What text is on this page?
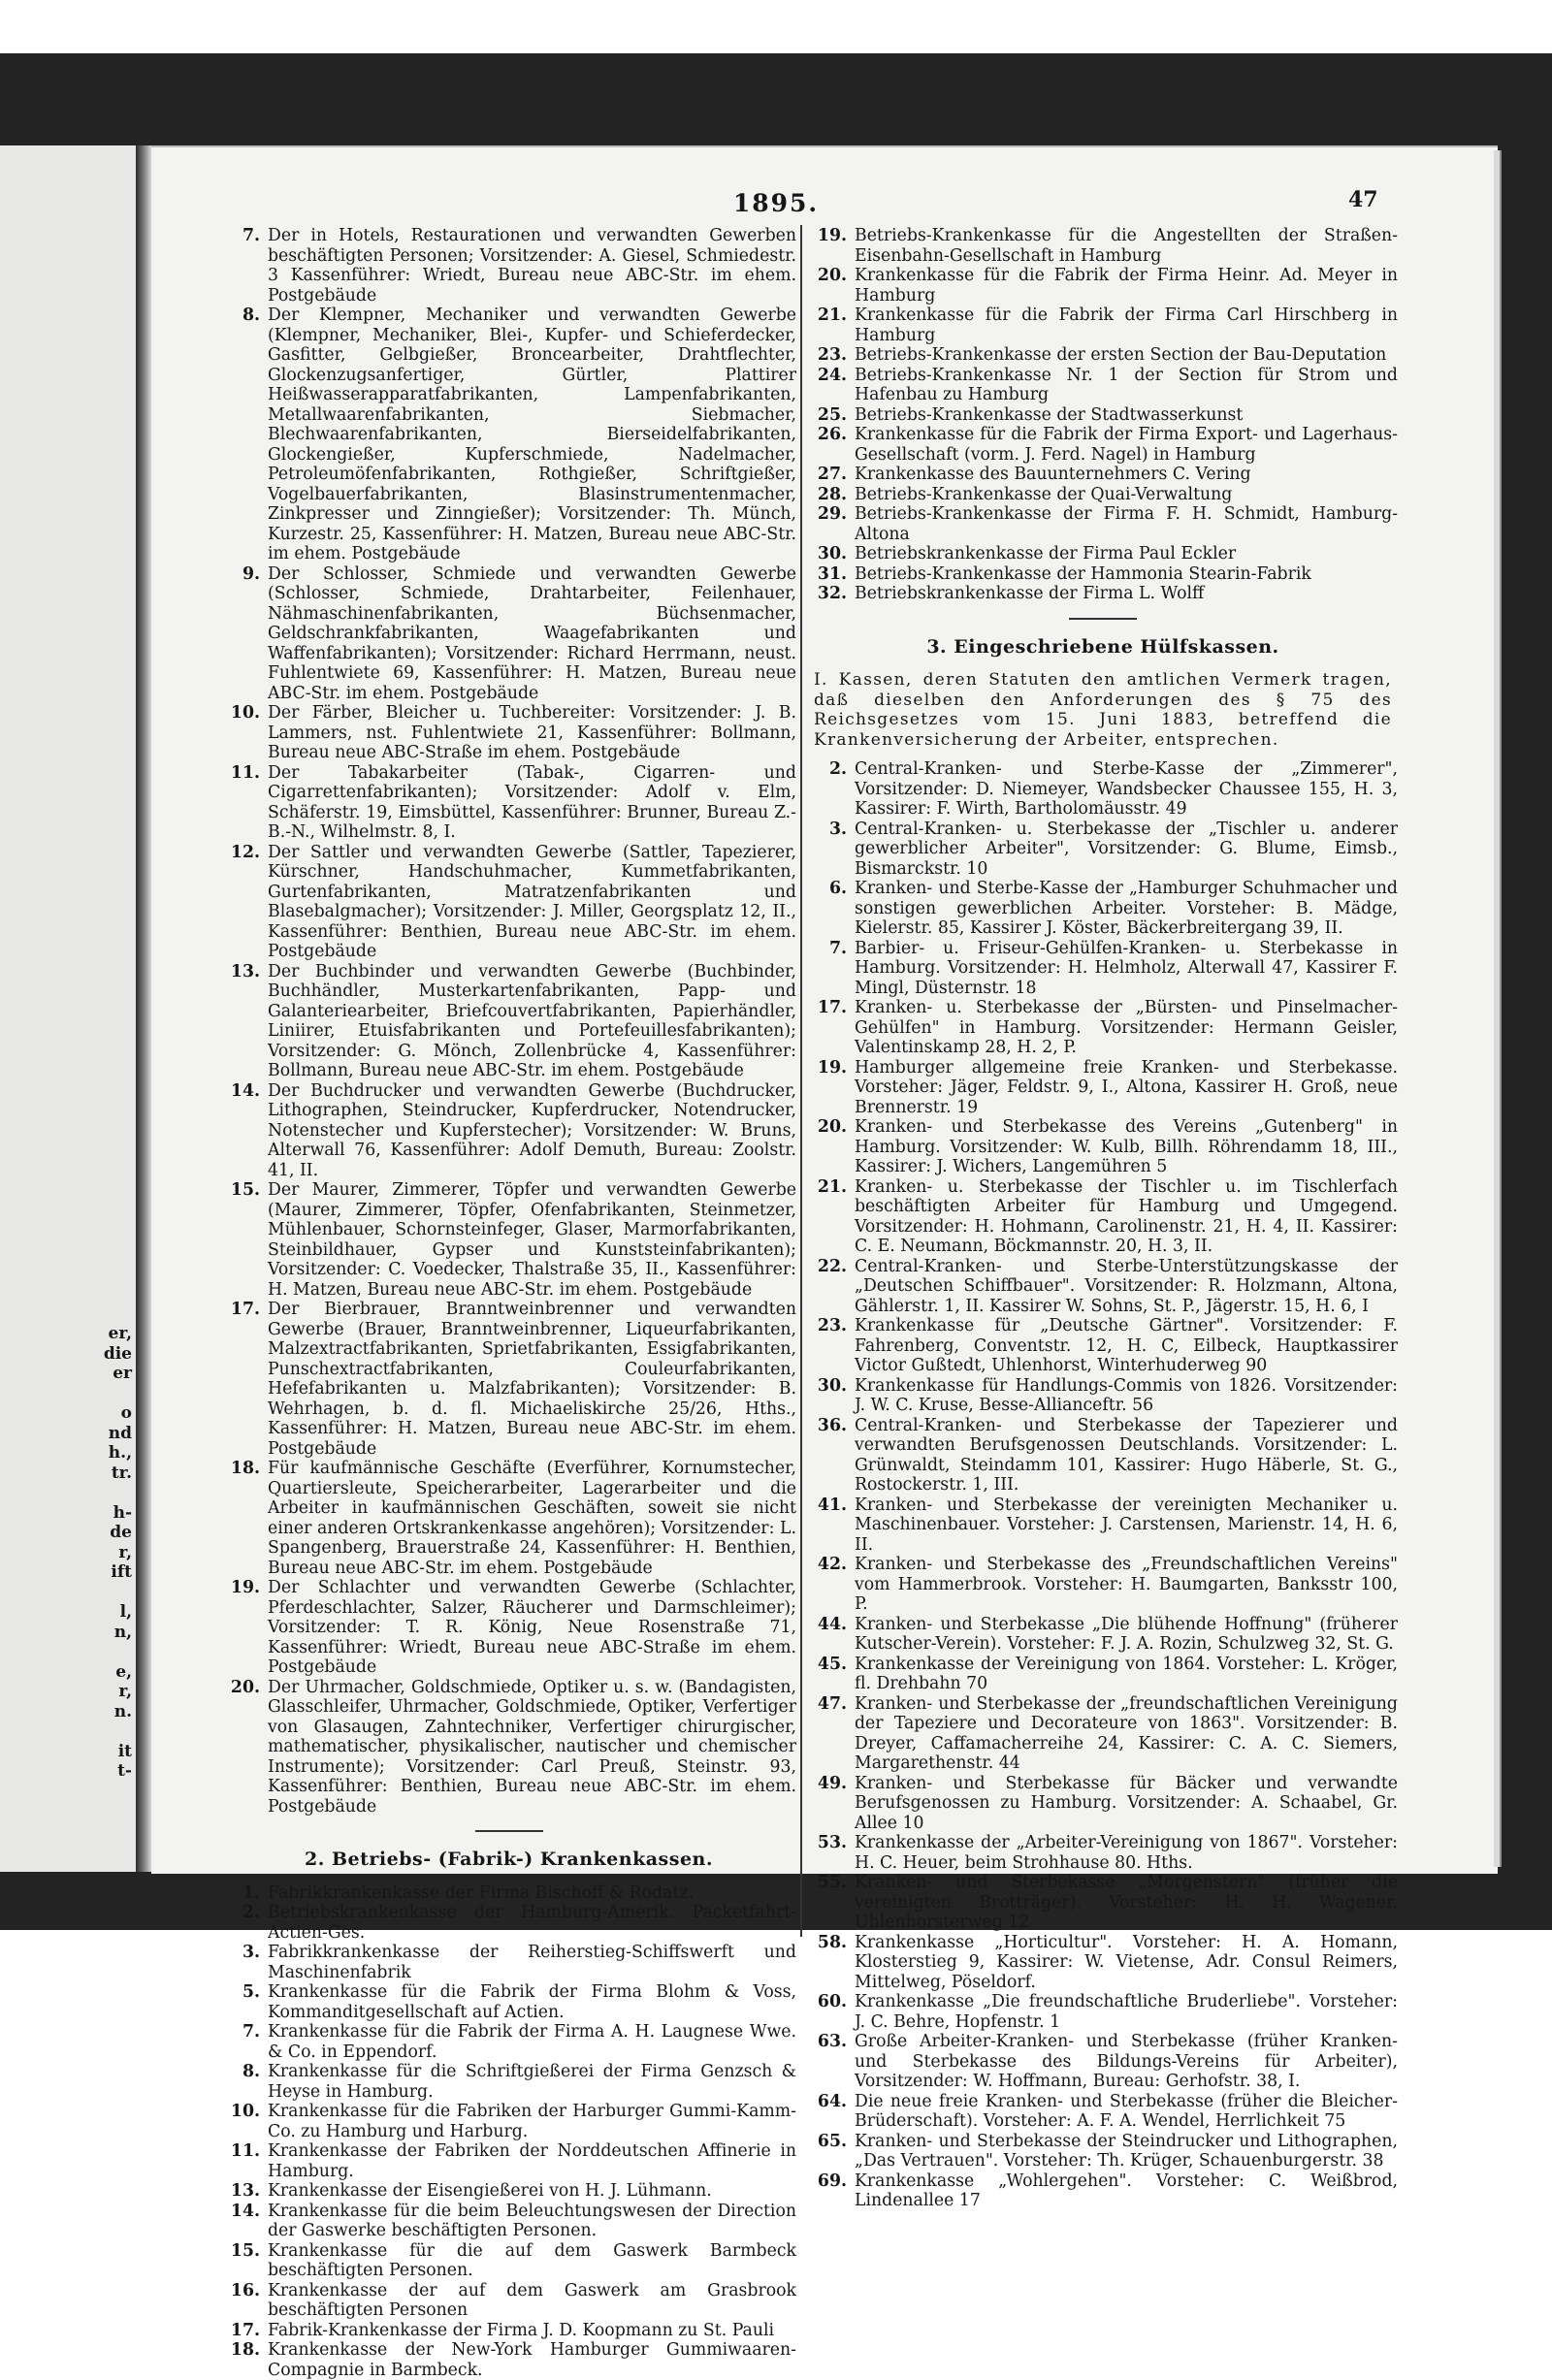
er,
die
er
o
nd
h.,
tr.
h-
de
r,
ift
l,
n,
e,
r,
n.
it
t-
1895.	47
7. Der in Hotels, Restaurationen und verwandten Gewerben beschäftigten Personen; Vorsitzender: A. Giesel, Schmiedestr. 3 Kassenführer: Wriedt, Bureau neue ABC-Str. im ehem. Postgebäude
8. Der Klempner, Mechaniker und verwandten Gewerbe (Klempner, Mechaniker, Blei-, Kupfer- und Schieferdecker, Gasfitter, Gelbgießer, Broncearbeiter, Drahtflechter, Glockenzugsanfertiger, Gürtler, Plattirer Heißwasserapparatfabrikanten, Lampenfabrikanten, Metallwaarenfabrikanten, Siebmacher, Blechwaarenfabrikanten, Bierseidelfabrikanten, Glockengießer, Kupferschmiede, Nadelmacher, Petroleumöfenfabrikanten, Rothgießer, Schriftgießer, Vogelbauerfabrikanten, Blasinstrumentenmacher, Zinkpresser und Zinngießer); Vorsitzender: Th. Münch, Kurzestr. 25, Kassenführer: H. Matzen, Bureau neue ABC-Str. im ehem. Postgebäude
9. Der Schlosser, Schmiede und verwandten Gewerbe (Schlosser, Schmiede, Drahtarbeiter, Feilenhauer, Nähmaschinenfabrikanten, Büchsenmacher, Geldschrankfabrikanten, Waagefabrikanten und Waffenfabrikanten); Vorsitzender: Richard Herrmann, neust. Fuhlentwiete 69, Kassenführer: H. Matzen, Bureau neue ABC-Str. im ehem. Postgebäude
10. Der Färber, Bleicher u. Tuchbereiter: Vorsitzender: J. B. Lammers, nst. Fuhlentwiete 21, Kassenführer: Bollmann, Bureau neue ABC-Straße im ehem. Postgebäude
11. Der Tabakarbeiter (Tabak-, Cigarren- und Cigarrettenfabrikanten); Vorsitzender: Adolf v. Elm, Schäferstr. 19, Eimsbüttel, Kassenführer: Brunner, Bureau Z.-B.-N., Wilhelmstr. 8, I.
12. Der Sattler und verwandten Gewerbe (Sattler, Tapezierer, Kürschner, Handschuhmacher, Kummetfabrikanten, Gurtenfabrikanten, Matratzenfabrikanten und Blasebalgmacher); Vorsitzender: J. Miller, Georgsplatz 12, II., Kassenführer: Benthien, Bureau neue ABC-Str. im ehem. Postgebäude
13. Der Buchbinder und verwandten Gewerbe (Buchbinder, Buchhändler, Musterkartenfabrikanten, Papp- und Galanteriearbeiter, Briefcouvertfabrikanten, Papierhändler, Liniirer, Etuisfabrikanten und Portefeuillesfabrikanten); Vorsitzender: G. Mönch, Zollenbrücke 4, Kassenführer: Bollmann, Bureau neue ABC-Str. im ehem. Postgebäude
14. Der Buchdrucker und verwandten Gewerbe (Buchdrucker, Lithographen, Steindrucker, Kupferdrucker, Notendrucker, Notenstecher und Kupferstecher); Vorsitzender: W. Bruns, Alterwall 76, Kassenführer: Adolf Demuth, Bureau: Zoolstr. 41, II.
15. Der Maurer, Zimmerer, Töpfer und verwandten Gewerbe (Maurer, Zimmerer, Töpfer, Ofenfabrikanten, Steinmetzer, Mühlenbauer, Schornsteinfeger, Glaser, Marmorfabrikanten, Steinbildhauer, Gypser und Kunststeinfabrikanten); Vorsitzender: C. Voedecker, Thalstraße 35, II., Kassenführer: H. Matzen, Bureau neue ABC-Str. im ehem. Postgebäude
17. Der Bierbrauer, Branntweinbrenner und verwandten Gewerbe (Brauer, Branntweinbrenner, Liqueurfabrikanten, Malzextractfabrikanten, Sprietfabrikanten, Essigfabrikanten, Punschextractfabrikanten, Couleurfabrikanten, Hefefabrikanten u. Malzfabrikanten); Vorsitzender: B. Wehrhagen, b. d. fl. Michaeliskirche 25/26, Hths., Kassenführer: H. Matzen, Bureau neue ABC-Str. im ehem. Postgebäude
18. Für kaufmännische Geschäfte (Everführer, Kornumstecher, Quartiersleute, Speicherarbeiter, Lagerarbeiter und die Arbeiter in kaufmännischen Geschäften, soweit sie nicht einer anderen Ortskrankenkasse angehören); Vorsitzender: L. Spangenberg, Brauerstraße 24, Kassenführer: H. Benthien, Bureau neue ABC-Str. im ehem. Postgebäude
19. Der Schlachter und verwandten Gewerbe (Schlachter, Pferdeschlachter, Salzer, Räucherer und Darmschleimer); Vorsitzender: T. R. König, Neue Rosenstraße 71, Kassenführer: Wriedt, Bureau neue ABC-Straße im ehem. Postgebäude
20. Der Uhrmacher, Goldschmiede, Optiker u. s. w. (Bandagisten, Glasschleifer, Uhrmacher, Goldschmiede, Optiker, Verfertiger von Glasaugen, Zahntechniker, Verfertiger chirurgischer, mathematischer, physikalischer, nautischer und chemischer Instrumente); Vorsitzender: Carl Preuß, Steinstr. 93, Kassenführer: Benthien, Bureau neue ABC-Str. im ehem. Postgebäude
2. Betriebs- (Fabrik-) Krankenkassen.
1. Fabrikkrankenkasse der Firma Bischoff & Rodatz.
2. Betriebskrankenkasse der Hamburg-Amerik. Packetfahrt-Actien-Ges.
3. Fabrikkrankenkasse der Reiherstieg-Schiffswerft und Maschinenfabrik
5. Krankenkasse für die Fabrik der Firma Blohm & Voss, Kommanditgesellschaft auf Actien.
7. Krankenkasse für die Fabrik der Firma A. H. Laugnese Wwe. & Co. in Eppendorf.
8. Krankenkasse für die Schriftgießerei der Firma Genzsch & Heyse in Hamburg.
10. Krankenkasse für die Fabriken der Harburger Gummi-Kamm-Co. zu Hamburg und Harburg.
11. Krankenkasse der Fabriken der Norddeutschen Affinerie in Hamburg.
13. Krankenkasse der Eisengießerei von H. J. Lühmann.
14. Krankenkasse für die beim Beleuchtungswesen der Direction der Gaswerke beschäftigten Personen.
15. Krankenkasse für die auf dem Gaswerk Barmbeck beschäftigten Personen.
16. Krankenkasse der auf dem Gaswerk am Grasbrook beschäftigten Personen
17. Fabrik-Krankenkasse der Firma J. D. Koopmann zu St. Pauli
18. Krankenkasse der New-York Hamburger Gummiwaaren-Compagnie in Barmbeck.
19. Betriebs-Krankenkasse für die Angestellten der Straßen-Eisenbahn-Gesellschaft in Hamburg
20. Krankenkasse für die Fabrik der Firma Heinr. Ad. Meyer in Hamburg
21. Krankenkasse für die Fabrik der Firma Carl Hirschberg in Hamburg
23. Betriebs-Krankenkasse der ersten Section der Bau-Deputation
24. Betriebs-Krankenkasse Nr. 1 der Section für Strom und Hafenbau zu Hamburg
25. Betriebs-Krankenkasse der Stadtwasserkunst
26. Krankenkasse für die Fabrik der Firma Export- und Lagerhaus-Gesellschaft (vorm. J. Ferd. Nagel) in Hamburg
27. Krankenkasse des Bauunternehmers C. Vering
28. Betriebs-Krankenkasse der Quai-Verwaltung
29. Betriebs-Krankenkasse der Firma F. H. Schmidt, Hamburg-Altona
30. Betriebskrankenkasse der Firma Paul Eckler
31. Betriebs-Krankenkasse der Hammonia Stearin-Fabrik
32. Betriebskrankenkasse der Firma L. Wolff
3. Eingeschriebene Hülfskassen.
I. Kassen, deren Statuten den amtlichen Vermerk tragen, daß dieselben den Anforderungen des § 75 des Reichsgesetzes vom 15. Juni 1883, betreffend die Krankenversicherung der Arbeiter, entsprechen.
2. Central-Kranken- und Sterbe-Kasse der „Zimmerer", Vorsitzender: D. Niemeyer, Wandsbecker Chaussee 155, H. 3, Kassirer: F. Wirth, Bartholomäusstr. 49
3. Central-Kranken- u. Sterbekasse der „Tischler u. anderer gewerblicher Arbeiter", Vorsitzender: G. Blume, Eimsb., Bismarckstr. 10
6. Kranken- und Sterbe-Kasse der „Hamburger Schuhmacher und sonstigen gewerblichen Arbeiter. Vorsteher: B. Mädge, Kielerstr. 85, Kassirer J. Köster, Bäckerbreitergang 39, II.
7. Barbier- u. Friseur-Gehülfen-Kranken- u. Sterbekasse in Hamburg. Vorsitzender: H. Helmholz, Alterwall 47, Kassirer F. Mingl, Düsternstr. 18
17. Kranken- u. Sterbekasse der „Bürsten- und Pinselmacher-Gehülfen" in Hamburg. Vorsitzender: Hermann Geisler, Valentinskamp 28, H. 2, P.
19. Hamburger allgemeine freie Kranken- und Sterbekasse. Vorsteher: Jäger, Feldstr. 9, I., Altona, Kassirer H. Groß, neue Brennerstr. 19
20. Kranken- und Sterbekasse des Vereins „Gutenberg" in Hamburg. Vorsitzender: W. Kulb, Billh. Röhrendamm 18, III., Kassirer: J. Wichers, Langemühren 5
21. Kranken- u. Sterbekasse der Tischler u. im Tischlerfach beschäftigten Arbeiter für Hamburg und Umgegend. Vorsitzender: H. Hohmann, Carolinenstr. 21, H. 4, II. Kassirer: C. E. Neumann, Böckmannstr. 20, H. 3, II.
22. Central-Kranken- und Sterbe-Unterstützungskasse der „Deutschen Schiffbauer". Vorsitzender: R. Holzmann, Altona, Gählerstr. 1, II. Kassirer W. Sohns, St. P., Jägerstr. 15, H. 6, I
23. Krankenkasse für „Deutsche Gärtner". Vorsitzender: F. Fahrenberg, Conventstr. 12, H. C, Eilbeck, Hauptkassirer Victor Gußtedt, Uhlenhorst, Winterhuderweg 90
30. Krankenkasse für Handlungs-Commis von 1826. Vorsitzender: J. W. C. Kruse, Besse-Allianceftr. 56
36. Central-Kranken- und Sterbekasse der Tapezierer und verwandten Berufsgenossen Deutschlands. Vorsitzender: L. Grünwaldt, Steindamm 101, Kassirer: Hugo Häberle, St. G., Rostockerstr. 1, III.
41. Kranken- und Sterbekasse der vereinigten Mechaniker u. Maschinenbauer. Vorsteher: J. Carstensen, Marienstr. 14, H. 6, II.
42. Kranken- und Sterbekasse des „Freundschaftlichen Vereins" vom Hammerbrook. Vorsteher: H. Baumgarten, Banksstr 100, P.
44. Kranken- und Sterbekasse „Die blühende Hoffnung" (früherer Kutscher-Verein). Vorsteher: F. J. A. Rozin, Schulzweg 32, St. G.
45. Krankenkasse der Vereinigung von 1864. Vorsteher: L. Kröger, fl. Drehbahn 70
47. Kranken- und Sterbekasse der „freundschaftlichen Vereinigung der Tapeziere und Decorateure von 1863". Vorsitzender: B. Dreyer, Caffamacherreihe 24, Kassirer: C. A. C. Siemers, Margarethenstr. 44
49. Kranken- und Sterbekasse für Bäcker und verwandte Berufsgenossen zu Hamburg. Vorsitzender: A. Schaabel, Gr. Allee 10
53. Krankenkasse der „Arbeiter-Vereinigung von 1867". Vorsteher: H. C. Heuer, beim Strohhause 80. Hths.
55. Kranken- und Sterbekasse „Morgenstern" (früher die vereinigten Brotträger). Vorsteher: H. H. Wagener, Uhlenhorsterweg 12
58. Krankenkasse „Horticultur". Vorsteher: H. A. Homann, Klosterstieg 9, Kassirer: W. Vietense, Adr. Consul Reimers, Mittelweg, Pöseldorf.
60. Krankenkasse „Die freundschaftliche Bruderliebe". Vorsteher: J. C. Behre, Hopfenstr. 1
63. Große Arbeiter-Kranken- und Sterbekasse (früher Kranken- und Sterbekasse des Bildungs-Vereins für Arbeiter), Vorsitzender: W. Hoffmann, Bureau: Gerhofstr. 38, I.
64. Die neue freie Kranken- und Sterbekasse (früher die Bleicher-Brüderschaft). Vorsteher: A. F. A. Wendel, Herrlichkeit 75
65. Kranken- und Sterbekasse der Steindrucker und Lithographen, „Das Vertrauen". Vorsteher: Th. Krüger, Schauenburgerstr. 38
69. Krankenkasse „Wohlergehen". Vorsteher: C. Weißbrod, Lindenallee 17
